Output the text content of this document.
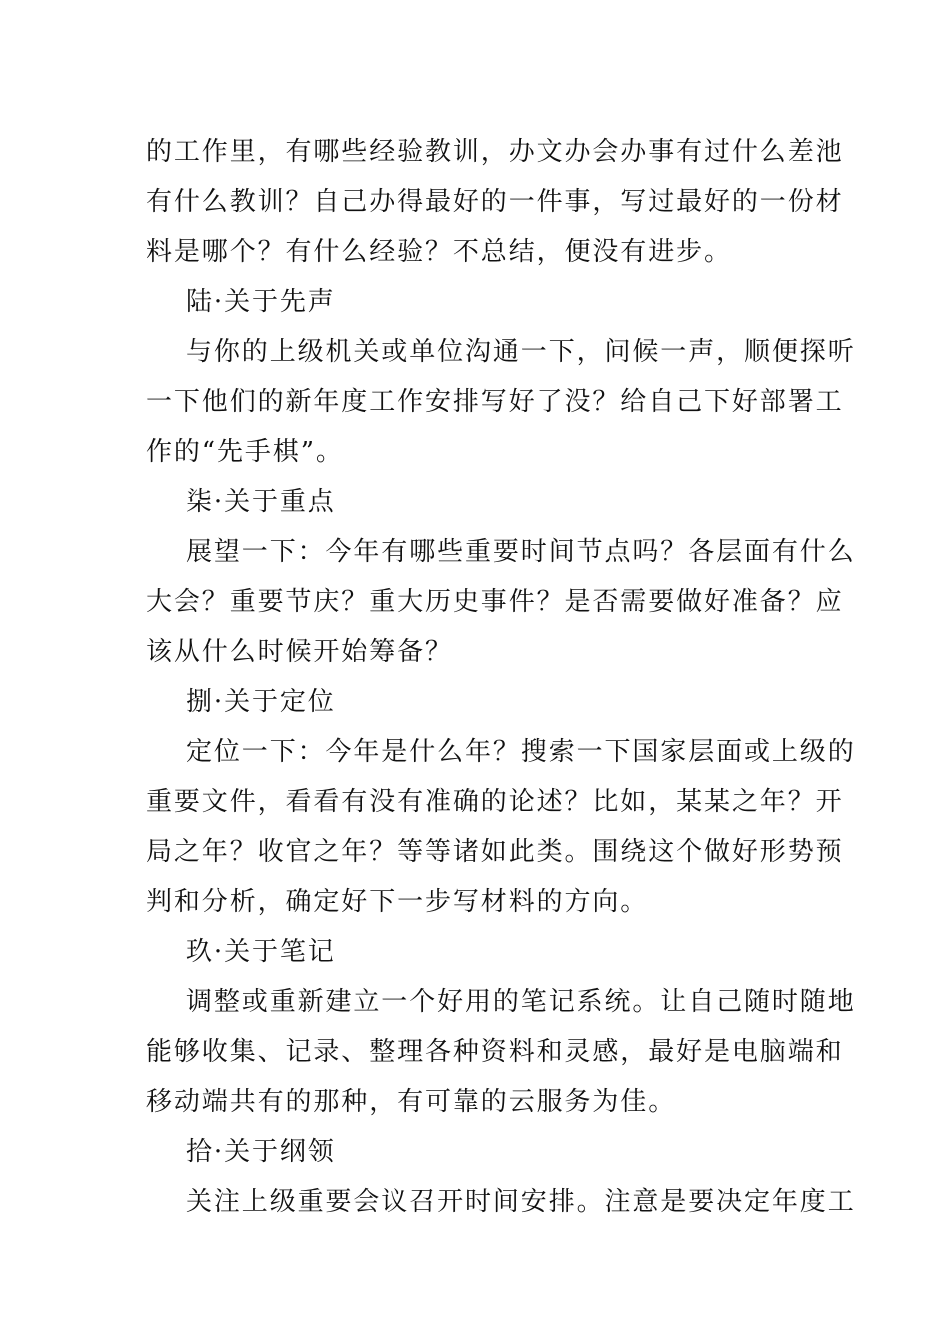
的工作里，有哪些经验教训，办文办会办事有过什么差池
有什么教训？自己办得最好的一件事，写过最好的一份材
料是哪个？有什么经验？不总结，便没有进步。
陆·关于先声
与你的上级机关或单位沟通一下，问候一声，顺便探听
一下他们的新年度工作安排写好了没？给自己下好部署工
作的“先手棋”。
柒·关于重点
展望一下：今年有哪些重要时间节点吗？各层面有什么
大会？重要节庆？重大历史事件？是否需要做好准备？应
该从什么时候开始筹备？
捌·关于定位
定位一下：今年是什么年？搜索一下国家层面或上级的
重要文件，看看有没有准确的论述？比如，某某之年？开
局之年？收官之年？等等诸如此类。围绕这个做好形势预
判和分析，确定好下一步写材料的方向。
玖·关于笔记
调整或重新建立一个好用的笔记系统。让自己随时随地
能够收集、记录、整理各种资料和灵感，最好是电脑端和
移动端共有的那种，有可靠的云服务为佳。
拾·关于纲领
关注上级重要会议召开时间安排。注意是要决定年度工
